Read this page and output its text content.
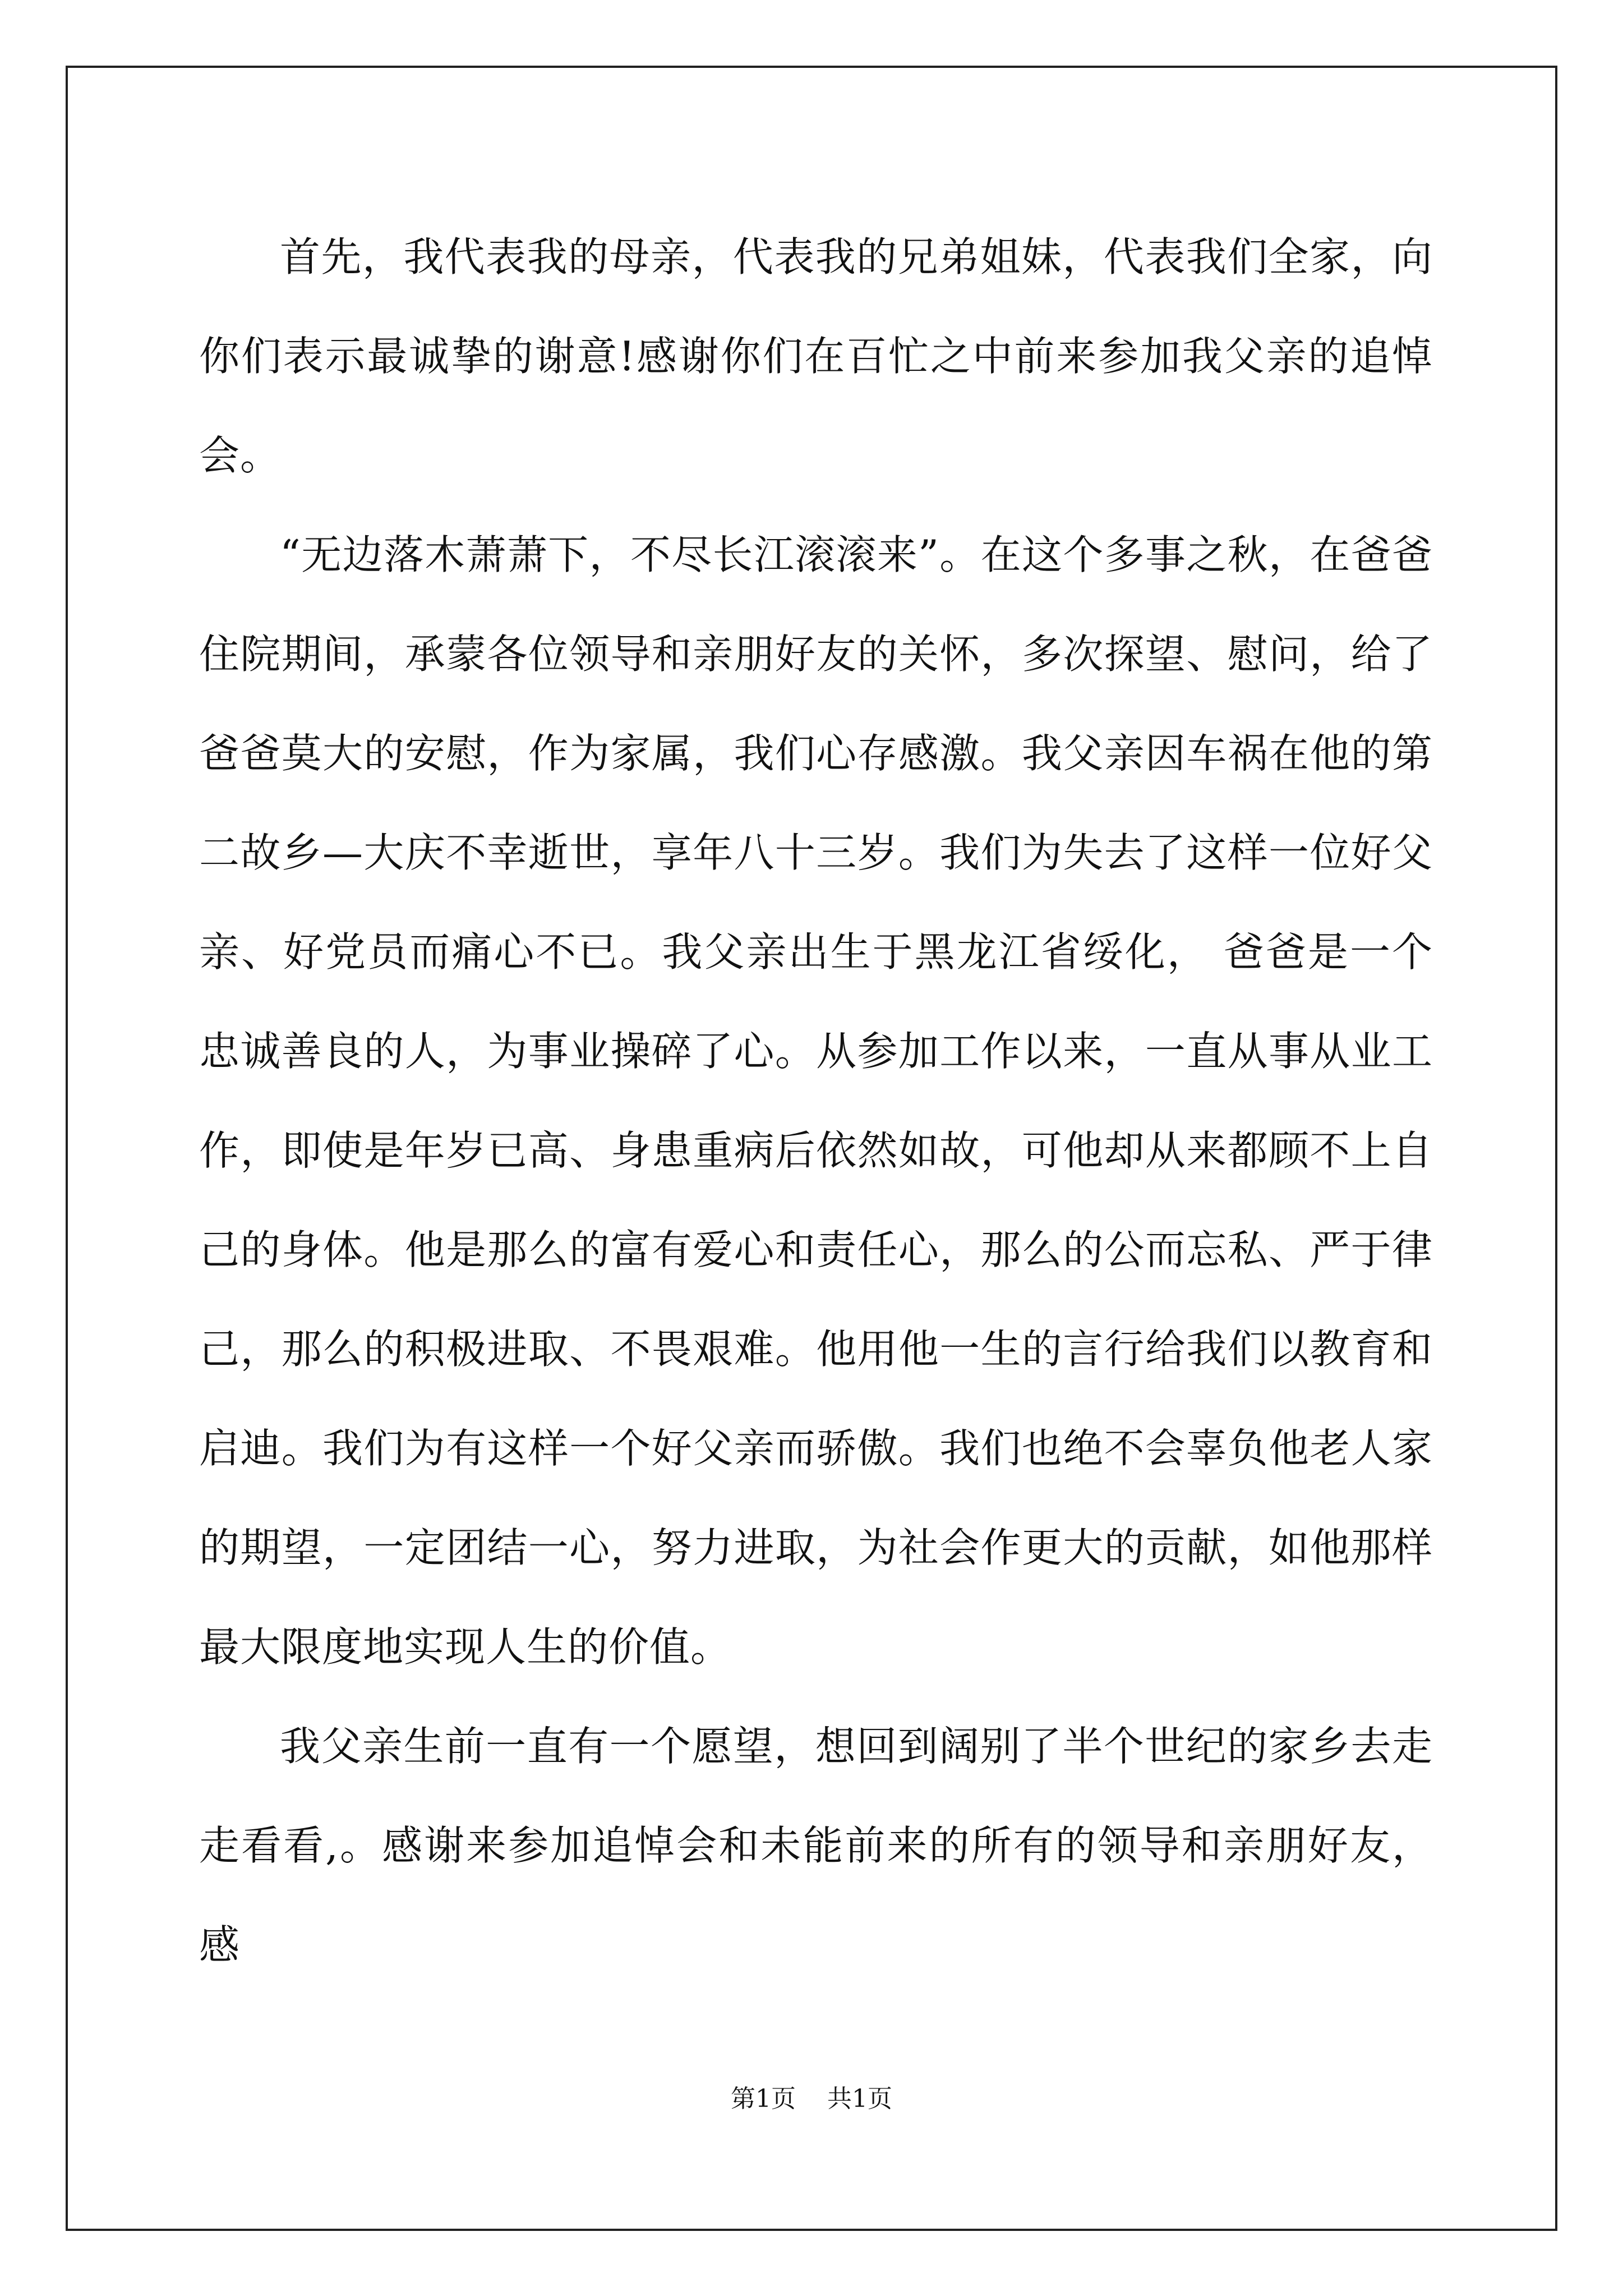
首先，我代表我的母亲，代表我的兄弟姐妹，代表我们全家，向你们表示最诚挚的谢意!感谢你们在百忙之中前来参加我父亲的追悼会。

“无边落木萧萧下，不尽长江滚滚来”。在这个多事之秋，在爸爸住院期间，承蒙各位领导和亲朋好友的关怀，多次探望、慰问，给了爸爸莫大的安慰，作为家属，我们心存感激。我父亲因车祸在他的第二故乡—大庆不幸逝世，享年八十三岁。我们为失去了这样一位好父亲、好党员而痛心不已。我父亲出生于黑龙江省绥化， 爸爸是一个忠诚善良的人，为事业操碎了心。从参加工作以来，一直从事从业工作，即使是年岁已高、身患重病后依然如故，可他却从来都顾不上自己的身体。他是那么的富有爱心和责任心，那么的公而忘私、严于律己，那么的积极进取、不畏艰难。他用他一生的言行给我们以教育和启迪。我们为有这样一个好父亲而骄傲。我们也绝不会辜负他老人家的期望，一定团结一心，努力进取，为社会作更大的贡献，如他那样最大限度地实现人生的价值。

我父亲生前一直有一个愿望，想回到阔别了半个世纪的家乡去走走看看,。感谢来参加追悼会和未能前来的所有的领导和亲朋好友，感

第1页 共1页
